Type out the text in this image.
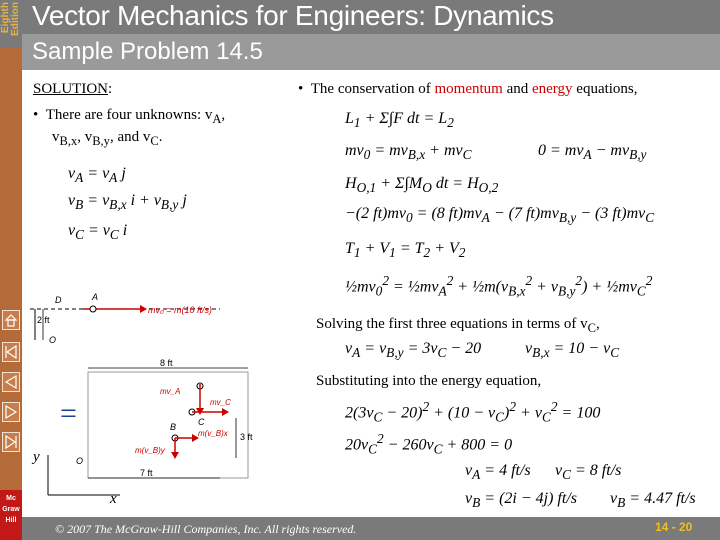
Vector Mechanics for Engineers: Dynamics
Eighth Edition
Sample Problem 14.5
Mc
Graw
Hill
SOLUTION:
• There are four unknowns: $v_A$,
$v_{B,x}$, $v_{B,y}$, and $v_C$.
$v_A = v_A$ j
$v_B = v_{B,x}$ $i + v_{B,y}$ j
$v_C = v_C$ i
D	A
O
2 ft
mv₀ = m(10 ft/s)
=
8 ft
3 ft
7 ft
O
mv_A
mv_C
C
B
m(v_B)x
m(v_B)y
y
x
• The conservation of momentum and energy equations,
$L_1 + \Sigma\int F$ dt = $L_2$
$mv_0 = mv_{B,x} + mv_C$	$0 = mv_A - mv_{B,y}$
$H_{O,1} + \Sigma\int M_O$ dt = $H_{O,2}$
−(2 $ft)mv_0 = (8$ $ft)mv_A - (7$ $ft)mv_{B,y} - (3$ $ft)mv_C$
$T_1 + V_1 = T_2 + V_2$
$\frac{1}{2}mv_0^2$ = $\frac{1}{2}mv_A^2$ + $\frac{1}{2}m(v_{B,x}^2 + v_{B,y}^2)$ + $\frac{1}{2}mv_C^2$
Solving the first three equations in terms of $v_C$,
$v_A = v_{B,y} = 3v_C - 20$	$v_{B,x} = 10 - v_C$
Substituting into the energy equation,
$2(3v_C - 20)^2 + (10 - v_C)^2 + v_C^2 = 100$
$20v_C^2 - 260v_C + 800 = 0$
$v_A = 4$ ft/s $v_C = 8$ ft/s
$v_B = (2i - 4j)$ ft/s $v_B = 4.47$ ft/s
© 2007 The McGraw-Hill Companies, Inc. All rights reserved.	14 - 20
